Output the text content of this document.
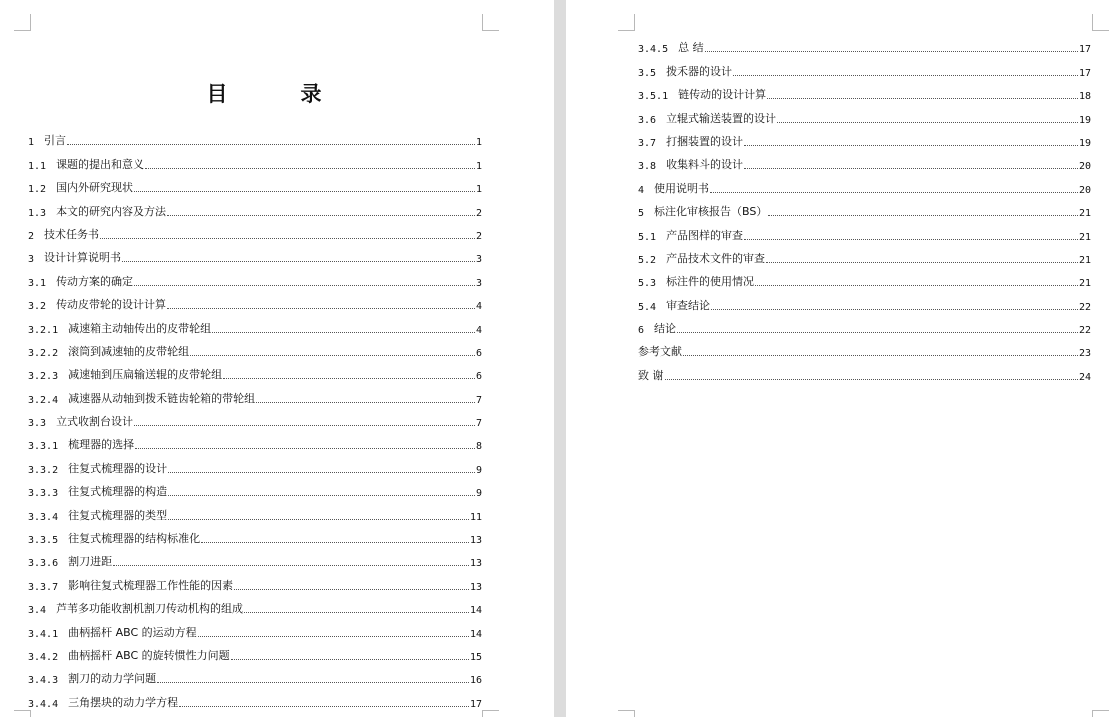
目　录
1 引言	1
1.1 课题的提出和意义	1
1.2 国内外研究现状	1
1.3 本文的研究内容及方法	2
2 技术任务书	2
3 设计计算说明书	3
3.1 传动方案的确定	3
3.2 传动皮带轮的设计计算	4
3.2.1 减速箱主动轴传出的皮带轮组	4
3.2.2 滚筒到减速轴的皮带轮组	6
3.2.3 减速轴到压扁输送辊的皮带轮组	6
3.2.4 减速器从动轴到拨禾链齿轮箱的带轮组	7
3.3 立式收割台设计	7
3.3.1 梳理器的选择	8
3.3.2 往复式梳理器的设计	9
3.3.3 往复式梳理器的构造	9
3.3.4 往复式梳理器的类型	11
3.3.5 往复式梳理器的结构标准化	13
3.3.6 割刀进距	13
3.3.7 影响往复式梳理器工作性能的因素	13
3.4 芦苇多功能收割机割刀传动机构的组成	14
3.4.1 曲柄摇杆 ABC 的运动方程	14
3.4.2 曲柄摇杆 ABC 的旋转惯性力问题	15
3.4.3 割刀的动力学问题	16
3.4.4 三角摆块的动力学方程	17
3.4.5 总 结	17
3.5 拨禾器的设计	17
3.5.1 链传动的设计计算	18
3.6 立辊式输送装置的设计	19
3.7 打捆装置的设计	19
3.8 收集料斗的设计	20
4 使用说明书	20
5 标注化审核报告（BS）	21
5.1 产品图样的审查	21
5.2 产品技术文件的审查	21
5.3 标注件的使用情况	21
5.4 审查结论	22
6 结论	22
参考文献	23
致 谢	24
